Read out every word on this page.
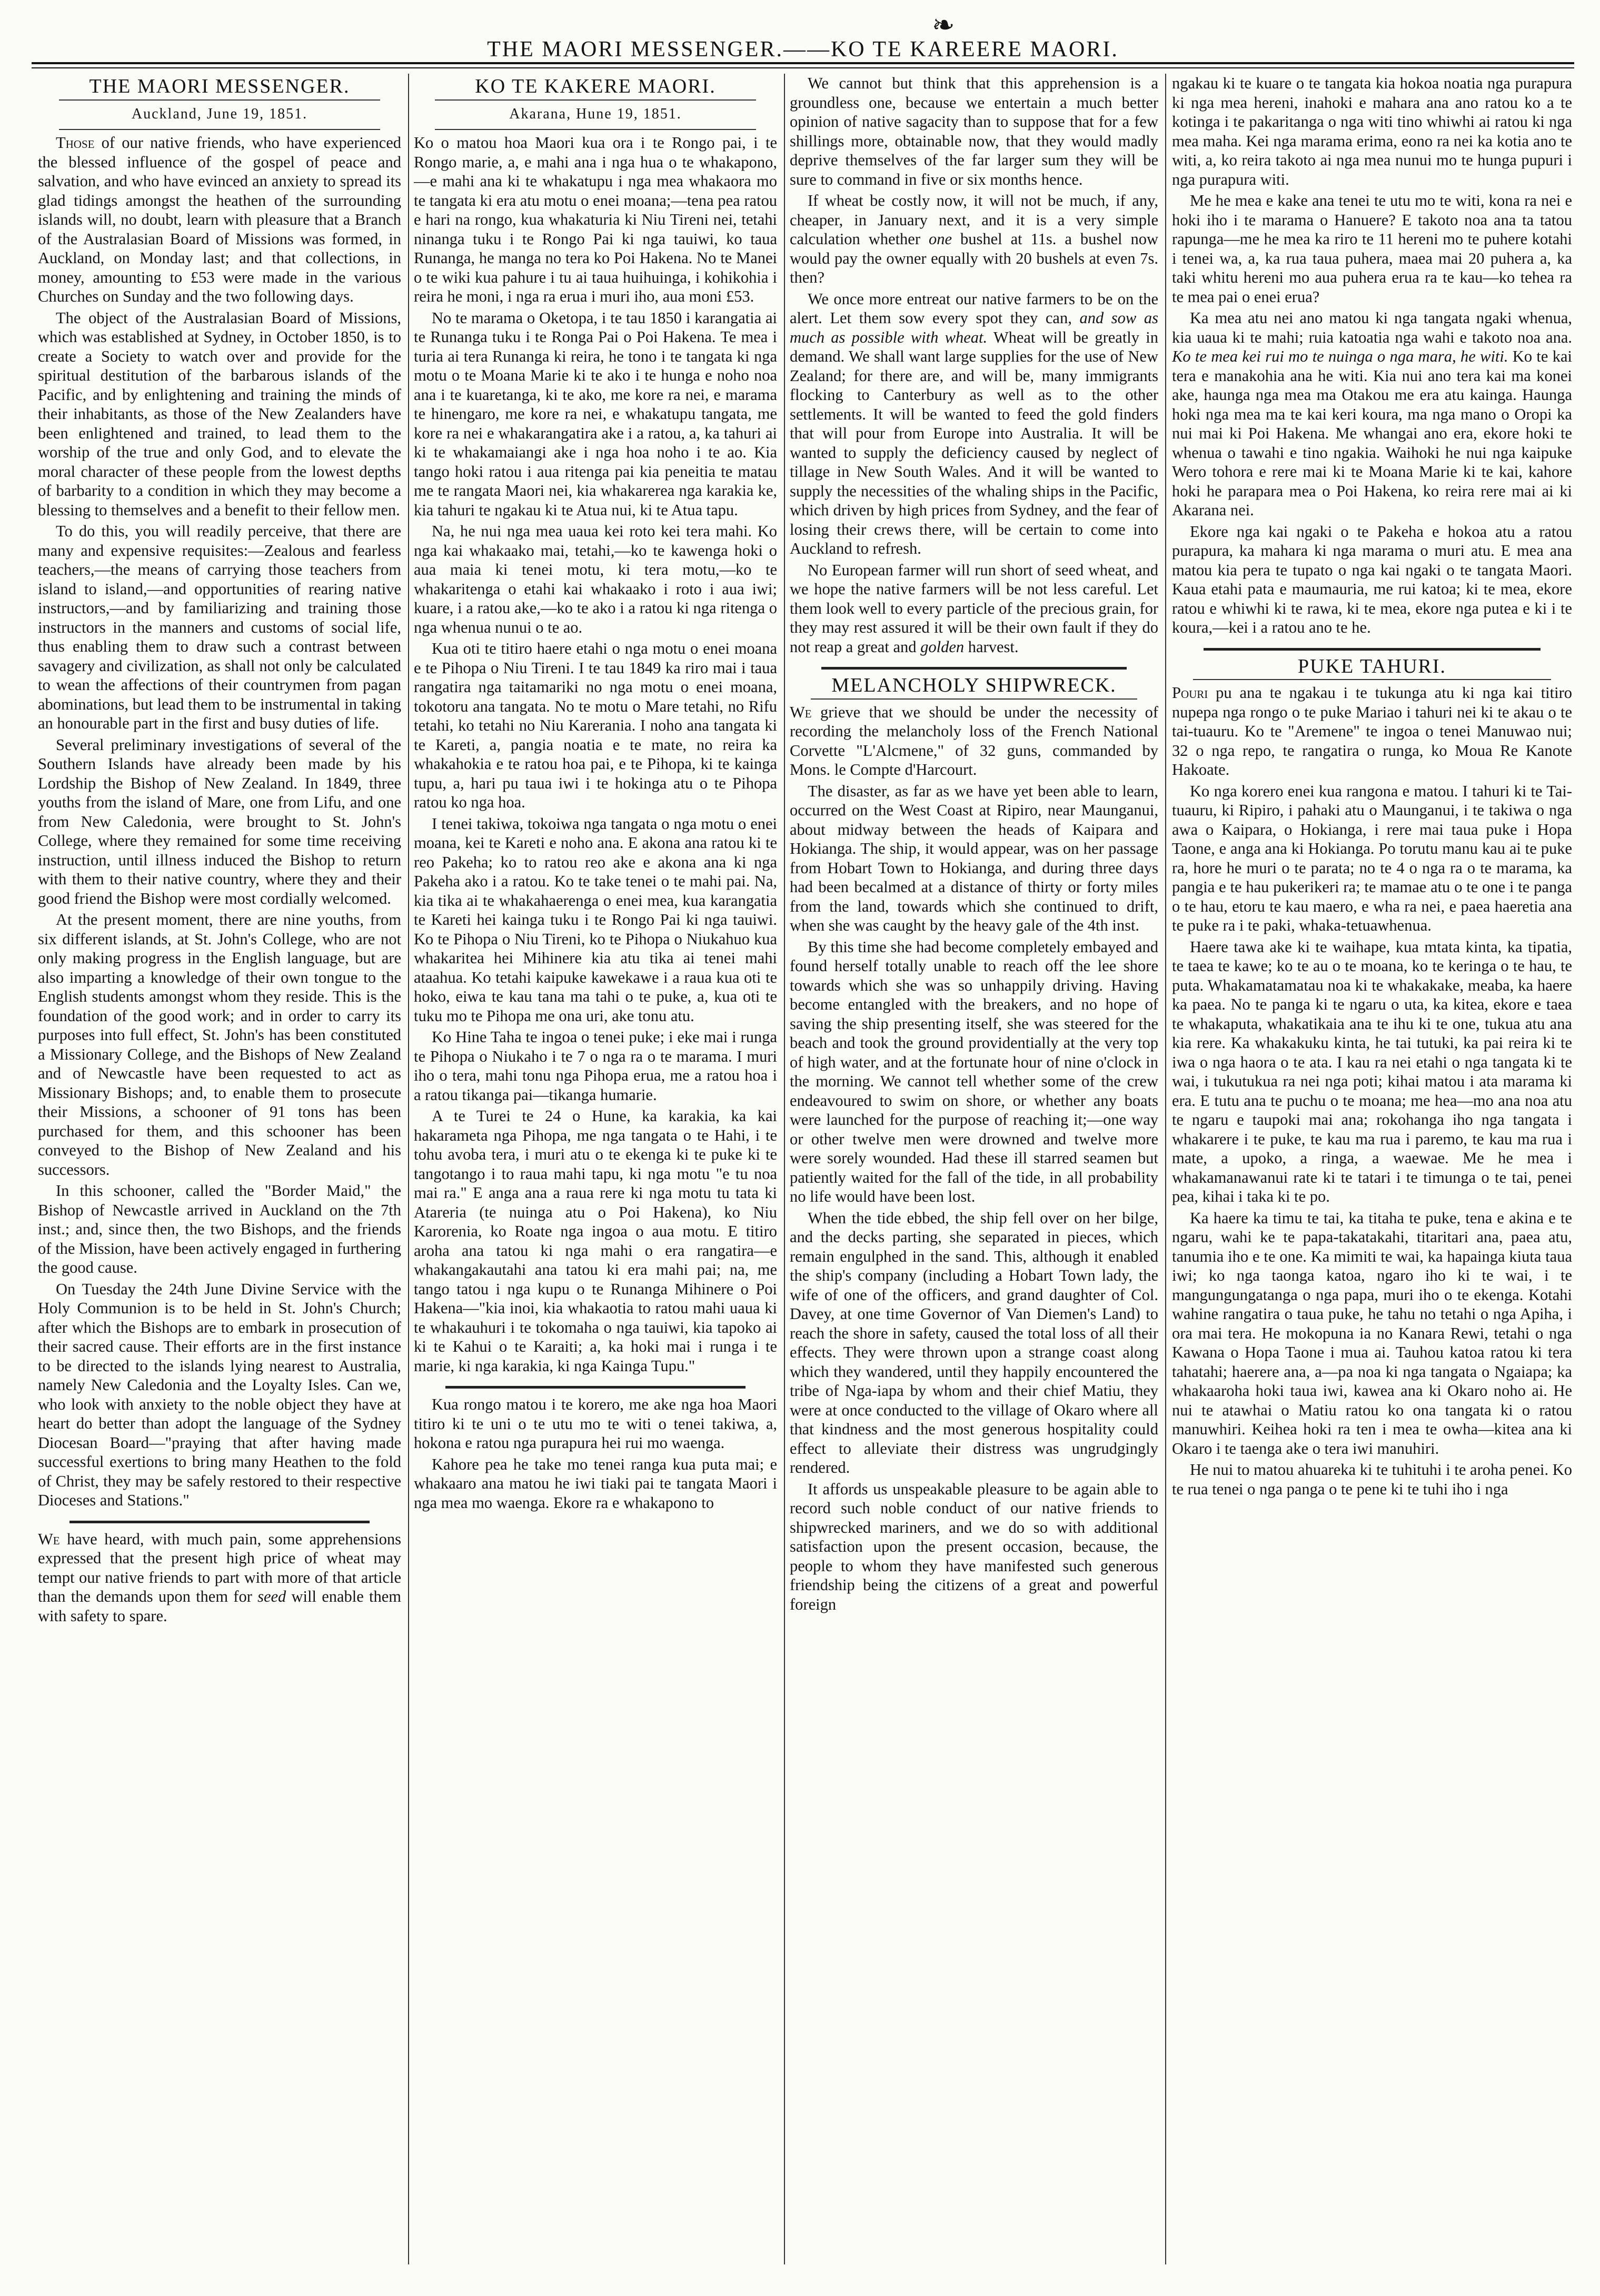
❧
THE MAORI MESSENGER.——KO TE KAREERE MAORI.
THE MAORI MESSENGER.
Auckland, June 19, 1851.

Those of our native friends, who have experienced the blessed influence of the gospel of peace and salvation, and who have evinced an anxiety to spread its glad tidings amongst the heathen of the surrounding islands will, no doubt, learn with pleasure that a Branch of the Australasian Board of Missions was formed, in Auckland, on Monday last; and that collections, in money, amounting to £53 were made in the various Churches on Sunday and the two following days.

The object of the Australasian Board of Missions, which was established at Sydney, in October 1850, is to create a Society to watch over and provide for the spiritual destitution of the barbarous islands of the Pacific, and by enlightening and training the minds of their inhabitants, as those of the New Zealanders have been enlightened and trained, to lead them to the worship of the true and only God, and to elevate the moral character of these people from the lowest depths of barbarity to a condition in which they may become a blessing to themselves and a benefit to their fellow men.

To do this, you will readily perceive, that there are many and expensive requisites:—Zealous and fearless teachers,—the means of carrying those teachers from island to island,—and opportunities of rearing native instructors,—and by familiarizing and training those instructors in the manners and customs of social life, thus enabling them to draw such a contrast between savagery and civilization, as shall not only be calculated to wean the affections of their countrymen from pagan abominations, but lead them to be instrumental in taking an honourable part in the first and busy duties of life.

Several preliminary investigations of several of the Southern Islands have already been made by his Lordship the Bishop of New Zealand. In 1849, three youths from the island of Mare, one from Lifu, and one from New Caledonia, were brought to St. John's College, where they remained for some time receiving instruction, until illness induced the Bishop to return with them to their native country, where they and their good friend the Bishop were most cordially welcomed.

At the present moment, there are nine youths, from six different islands, at St. John's College, who are not only making progress in the English language, but are also imparting a knowledge of their own tongue to the English students amongst whom they reside. This is the foundation of the good work; and in order to carry its purposes into full effect, St. John's has been constituted a Missionary College, and the Bishops of New Zealand and of Newcastle have been requested to act as Missionary Bishops; and, to enable them to prosecute their Missions, a schooner of 91 tons has been purchased for them, and this schooner has been conveyed to the Bishop of New Zealand and his successors.

In this schooner, called the "Border Maid," the Bishop of Newcastle arrived in Auckland on the 7th inst.; and, since then, the two Bishops, and the friends of the Mission, have been actively engaged in furthering the good cause.

On Tuesday the 24th June Divine Service with the Holy Communion is to be held in St. John's Church; after which the Bishops are to embark in prosecution of their sacred cause. Their efforts are in the first instance to be directed to the islands lying nearest to Australia, namely New Caledonia and the Loyalty Isles. Can we, who look with anxiety to the noble object they have at heart do better than adopt the language of the Sydney Diocesan Board—"praying that after having made successful exertions to bring many Heathen to the fold of Christ, they may be safely restored to their respective Dioceses and Stations."

We have heard, with much pain, some apprehensions expressed that the present high price of wheat may tempt our native friends to part with more of that article than the demands upon them for seed will enable them with safety to spare.

KO TE KAKERE MAORI.
Akarana, Hune 19, 1851.

Ko o matou hoa Maori kua ora i te Rongo pai, i te Rongo marie, a, e mahi ana i nga hua o te whakapono,—e mahi ana ki te whakatupu i nga mea whakaora mo te tangata ki era atu motu o enei moana;—tena pea ratou e hari na rongo, kua whakaturia ki Niu Tireni nei, tetahi ninanga tuku i te Rongo Pai ki nga tauiwi, ko taua Runanga, he manga no tera ko Poi Hakena. No te Manei o te wiki kua pahure i tu ai taua huihuinga, i kohikohia i reira he moni, i nga ra erua i muri iho, aua moni £53.

No te marama o Oketopa, i te tau 1850 i karangatia ai te Runanga tuku i te Ronga Pai o Poi Hakena. Te mea i turia ai tera Runanga ki reira, he tono i te tangata ki nga motu o te Moana Marie ki te ako i te hunga e noho noa ana i te kuaretanga, ki te ako, me kore ra nei, e marama te hinengaro, me kore ra nei, e whakatupu tangata, me kore ra nei e whakarangatira ake i a ratou, a, ka tahuri ai ki te whakamaiangi ake i nga hoa noho i te ao. Kia tango hoki ratou i aua ritenga pai kia peneitia te matau me te rangata Maori nei, kia whakarerea nga karakia ke, kia tahuri te ngakau ki te Atua nui, ki te Atua tapu.

Na, he nui nga mea uaua kei roto kei tera mahi. Ko nga kai whakaako mai, tetahi,—ko te kawenga hoki o aua maia ki tenei motu, ki tera motu,—ko te whakaritenga o etahi kai whakaako i roto i aua iwi; kuare, i a ratou ake,—ko te ako i a ratou ki nga ritenga o nga whenua nunui o te ao.

Kua oti te titiro haere etahi o nga motu o enei moana e te Pihopa o Niu Tireni. I te tau 1849 ka riro mai i taua rangatira nga taitamariki no nga motu o enei moana, tokotoru ana tangata. No te motu o Mare tetahi, no Rifu tetahi, ko tetahi no Niu Karerania. I noho ana tangata ki te Kareti, a, pangia noatia e te mate, no reira ka whakahokia e te ratou hoa pai, e te Pihopa, ki te kainga tupu, a, hari pu taua iwi i te hokinga atu o te Pihopa ratou ko nga hoa.

I tenei takiwa, tokoiwa nga tangata o nga motu o enei moana, kei te Kareti e noho ana. E akona ana ratou ki te reo Pakeha; ko to ratou reo ake e akona ana ki nga Pakeha ako i a ratou. Ko te take tenei o te mahi pai. Na, kia tika ai te whakahaerenga o enei mea, kua karangatia te Kareti hei kainga tuku i te Rongo Pai ki nga tauiwi. Ko te Pihopa o Niu Tireni, ko te Pihopa o Niukahuo kua whakaritea hei Mihinere kia atu tika ai tenei mahi ataahua. Ko tetahi kaipuke kawekawe i a raua kua oti te hoko, eiwa te kau tana ma tahi o te puke, a, kua oti te tuku mo te Pihopa me ona uri, ake tonu atu.

Ko Hine Taha te ingoa o tenei puke; i eke mai i runga te Pihopa o Niukaho i te 7 o nga ra o te marama. I muri iho o tera, mahi tonu nga Pihopa erua, me a ratou hoa i a ratou tikanga pai—tikanga humarie.

A te Turei te 24 o Hune, ka karakia, ka kai hakarameta nga Pihopa, me nga tangata o te Hahi, i te tohu avoba tera, i muri atu o te ekenga ki te puke ki te tangotango i to raua mahi tapu, ki nga motu "e tu noa mai ra." E anga ana a raua rere ki nga motu tu tata ki Atareria (te nuinga atu o Poi Hakena), ko Niu Karorenia, ko Roate nga ingoa o aua motu. E titiro aroha ana tatou ki nga mahi o era rangatira—e whakangakautahi ana tatou ki era mahi pai; na, me tango tatou i nga kupu o te Runanga Mihinere o Poi Hakena—"kia inoi, kia whakaotia to ratou mahi uaua ki te whakauhuri i te tokomaha o nga tauiwi, kia tapoko ai ki te Kahui o te Karaiti; a, ka hoki mai i runga i te marie, ki nga karakia, ki nga Kainga Tupu."

Kua rongo matou i te korero, me ake nga hoa Maori titiro ki te uni o te utu mo te witi o tenei takiwa, a, hokona e ratou nga purapura hei rui mo waenga.

Kahore pea he take mo tenei ranga kua puta mai; e whakaaro ana matou he iwi tiaki pai te tangata Maori i nga mea mo waenga. Ekore ra e whakapono to

We cannot but think that this apprehension is a groundless one, because we entertain a much better opinion of native sagacity than to suppose that for a few shillings more, obtainable now, that they would madly deprive themselves of the far larger sum they will be sure to command in five or six months hence.

If wheat be costly now, it will not be much, if any, cheaper, in January next, and it is a very simple calculation whether one bushel at 11s. a bushel now would pay the owner equally with 20 bushels at even 7s. then?

We once more entreat our native farmers to be on the alert. Let them sow every spot they can, and sow as much as possible with wheat. Wheat will be greatly in demand. We shall want large supplies for the use of New Zealand; for there are, and will be, many immigrants flocking to Canterbury as well as to the other settlements. It will be wanted to feed the gold finders that will pour from Europe into Australia. It will be wanted to supply the deficiency caused by neglect of tillage in New South Wales. And it will be wanted to supply the necessities of the whaling ships in the Pacific, which driven by high prices from Sydney, and the fear of losing their crews there, will be certain to come into Auckland to refresh.

No European farmer will run short of seed wheat, and we hope the native farmers will be not less careful. Let them look well to every particle of the precious grain, for they may rest assured it will be their own fault if they do not reap a great and golden harvest.

MELANCHOLY SHIPWRECK.

We grieve that we should be under the necessity of recording the melancholy loss of the French National Corvette "L'Alcmene," of 32 guns, commanded by Mons. le Compte d'Harcourt.

The disaster, as far as we have yet been able to learn, occurred on the West Coast at Ripiro, near Maunganui, about midway between the heads of Kaipara and Hokianga. The ship, it would appear, was on her passage from Hobart Town to Hokianga, and during three days had been becalmed at a distance of thirty or forty miles from the land, towards which she continued to drift, when she was caught by the heavy gale of the 4th inst.

By this time she had become completely embayed and found herself totally unable to reach off the lee shore towards which she was so unhappily driving. Having become entangled with the breakers, and no hope of saving the ship presenting itself, she was steered for the beach and took the ground providentially at the very top of high water, and at the fortunate hour of nine o'clock in the morning. We cannot tell whether some of the crew endeavoured to swim on shore, or whether any boats were launched for the purpose of reaching it;—one way or other twelve men were drowned and twelve more were sorely wounded. Had these ill starred seamen but patiently waited for the fall of the tide, in all probability no life would have been lost.

When the tide ebbed, the ship fell over on her bilge, and the decks parting, she separated in pieces, which remain engulphed in the sand. This, although it enabled the ship's company (including a Hobart Town lady, the wife of one of the officers, and grand daughter of Col. Davey, at one time Governor of Van Diemen's Land) to reach the shore in safety, caused the total loss of all their effects. They were thrown upon a strange coast along which they wandered, until they happily encountered the tribe of Nga-iapa by whom and their chief Matiu, they were at once conducted to the village of Okaro where all that kindness and the most generous hospitality could effect to alleviate their distress was ungrudgingly rendered.

It affords us unspeakable pleasure to be again able to record such noble conduct of our native friends to shipwrecked mariners, and we do so with additional satisfaction upon the present occasion, because, the people to whom they have manifested such generous friendship being the citizens of a great and powerful foreign

ngakau ki te kuare o te tangata kia hokoa noatia nga purapura ki nga mea hereni, inahoki e mahara ana ano ratou ko a te kotinga i te pakaritanga o nga witi tino whiwhi ai ratou ki nga mea maha. Kei nga marama erima, eono ra nei ka kotia ano te witi, a, ko reira takoto ai nga mea nunui mo te hunga pupuri i nga purapura witi.

Me he mea e kake ana tenei te utu mo te witi, kona ra nei e hoki iho i te marama o Hanuere? E takoto noa ana ta tatou rapunga—me he mea ka riro te 11 hereni mo te puhere kotahi i tenei wa, a, ka rua taua puhera, maea mai 20 puhera a, ka taki whitu hereni mo aua puhera erua ra te kau—ko tehea ra te mea pai o enei erua?

Ka mea atu nei ano matou ki nga tangata ngaki whenua, kia uaua ki te mahi; ruia katoatia nga wahi e takoto noa ana. Ko te mea kei rui mo te nuinga o nga mara, he witi. Ko te kai tera e manakohia ana he witi. Kia nui ano tera kai ma konei ake, haunga nga mea ma Otakou me era atu kainga. Haunga hoki nga mea ma te kai keri koura, ma nga mano o Oropi ka nui mai ki Poi Hakena. Me whangai ano era, ekore hoki te whenua o tawahi e tino ngakia. Waihoki he nui nga kaipuke Wero tohora e rere mai ki te Moana Marie ki te kai, kahore hoki he parapara mea o Poi Hakena, ko reira rere mai ai ki Akarana nei.

Ekore nga kai ngaki o te Pakeha e hokoa atu a ratou purapura, ka mahara ki nga marama o muri atu. E mea ana matou kia pera te tupato o nga kai ngaki o te tangata Maori. Kaua etahi pata e maumauria, me rui katoa; ki te mea, ekore ratou e whiwhi ki te rawa, ki te mea, ekore nga putea e ki i te koura,—kei i a ratou ano te he.

PUKE TAHURI.

Pouri pu ana te ngakau i te tukunga atu ki nga kai titiro nupepa nga rongo o te puke Mariao i tahuri nei ki te akau o te tai-tuauru. Ko te "Aremene" te ingoa o tenei Manuwao nui; 32 o nga repo, te rangatira o runga, ko Moua Re Kanote Hakoate.

Ko nga korero enei kua rangona e matou. I tahuri ki te Tai-tuauru, ki Ripiro, i pahaki atu o Maunganui, i te takiwa o nga awa o Kaipara, o Hokianga, i rere mai taua puke i Hopa Taone, e anga ana ki Hokianga. Po torutu manu kau ai te puke ra, hore he muri o te parata; no te 4 o nga ra o te marama, ka pangia e te hau pukerikeri ra; te mamae atu o te one i te panga o te hau, etoru te kau maero, e wha ra nei, e paea haeretia ana te puke ra i te paki, whaka-tetuawhenua.

Haere tawa ake ki te waihape, kua mtata kinta, ka tipatia, te taea te kawe; ko te au o te moana, ko te keringa o te hau, te puta. Whakamatamatau noa ki te whakakake, meaba, ka haere ka paea. No te panga ki te ngaru o uta, ka kitea, ekore e taea te whakaputa, whakatikaia ana te ihu ki te one, tukua atu ana kia rere. Ka whakakuku kinta, he tai tutuki, ka pai reira ki te iwa o nga haora o te ata. I kau ra nei etahi o nga tangata ki te wai, i tukutukua ra nei nga poti; kihai matou i ata marama ki era. E tutu ana te puchu o te moana; me hea—mo ana noa atu te ngaru e taupoki mai ana; rokohanga iho nga tangata i whakarere i te puke, te kau ma rua i paremo, te kau ma rua i mate, a upoko, a ringa, a waewae. Me he mea i whakamanawanui rate ki te tatari i te timunga o te tai, penei pea, kihai i taka ki te po.

Ka haere ka timu te tai, ka titaha te puke, tena e akina e te ngaru, wahi ke te papa-takatakahi, titaritari ana, paea atu, tanumia iho e te one. Ka mimiti te wai, ka hapainga kiuta taua iwi; ko nga taonga katoa, ngaro iho ki te wai, i te mangungungatanga o nga papa, muri iho o te ekenga. Kotahi wahine rangatira o taua puke, he tahu no tetahi o nga Apiha, i ora mai tera. He mokopuna ia no Kanara Rewi, tetahi o nga Kawana o Hopa Taone i mua ai. Tauhou katoa ratou ki tera tahatahi; haerere ana, a—pa noa ki nga tangata o Ngaiapa; ka whakaaroha hoki taua iwi, kawea ana ki Okaro noho ai. He nui te atawhai o Matiu ratou ko ona tangata ki o ratou manuwhiri. Keihea hoki ra ten i mea te owha—kitea ana ki Okaro i te taenga ake o tera iwi manuhiri.

He nui to matou ahuareka ki te tuhituhi i te aroha penei. Ko te rua tenei o nga panga o te pene ki te tuhi iho i nga
